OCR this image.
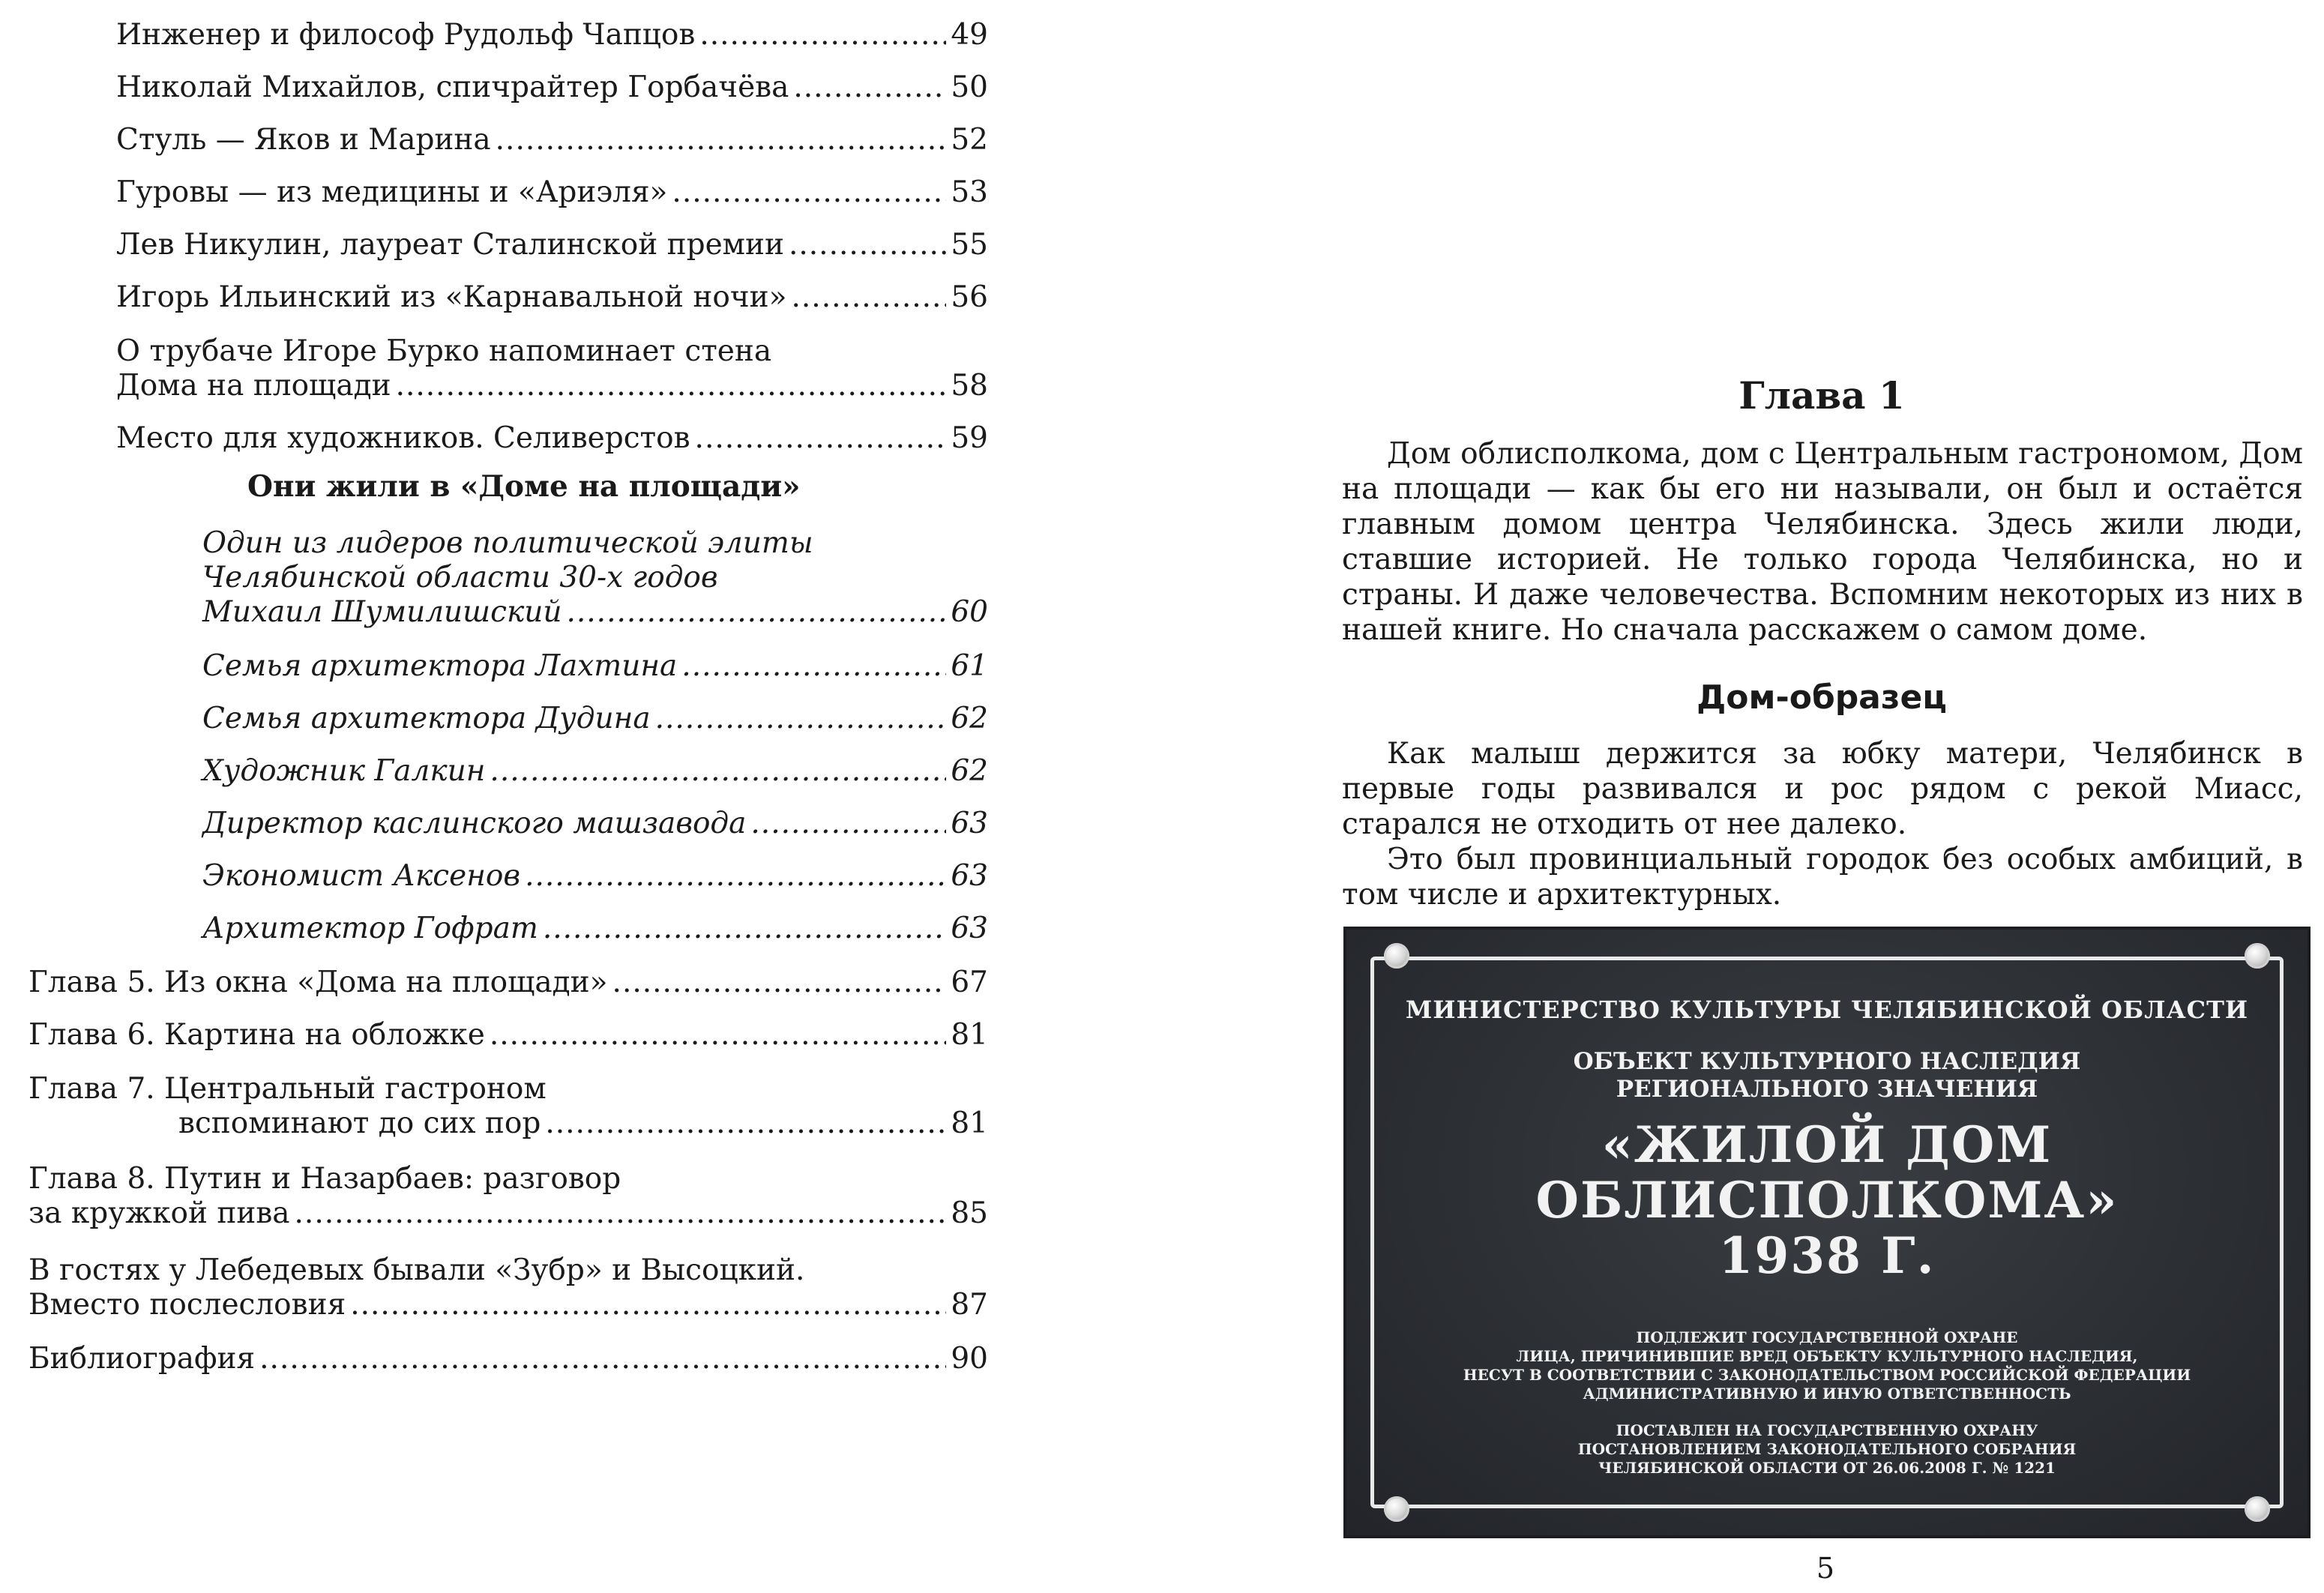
Инженер и философ Рудольф Чапцов .....	49
Николай Михайлов, спичрайтер Горбачёва .....	50
Стуль — Яков и Марина .....	52
Гуровы — из медицины и «Ариэля» .....	53
Лев Никулин, лауреат Сталинской премии .....	55
Игорь Ильинский из «Карнавальной ночи» .....	56
О трубаче Игоре Бурко напоминает стена
Дома на площади .....	58
Место для художников. Селиверстов .....	59
Они жили в «Доме на площади»
Один из лидеров политической элиты
Челябинской области 30-х годов
Михаил Шумилишский .....	60
Семья архитектора Лахтина .....	61
Семья архитектора Дудина .....	62
Художник Галкин .....	62
Директор каслинского машзавода .....	63
Экономист Аксенов .....	63
Архитектор Гофрат .....	63
Глава 5. Из окна «Дома на площади» .....	67
Глава 6. Картина на обложке .....	81
Глава 7. Центральный гастроном
вспоминают до сих пор .....	81
Глава 8. Путин и Назарбаев: разговор
за кружкой пива .....	85
В гостях у Лебедевых бывали «Зубр» и Высоцкий.
Вместо послесловия .....	87
Библиография .....	90
Глава 1
Дом облисполкома, дом с Центральным гастрономом, Дом на площади — как бы его ни называли, он был и остаётся главным домом центра Челябинска. Здесь жили люди, ставшие историей. Не только города Челябинска, но и страны. И даже человечества. Вспомним некоторых из них в нашей книге. Но сначала расскажем о самом доме.
Дом-образец
Как малыш держится за юбку матери, Челябинск в первые годы развивался и рос рядом с рекой Миасс, старался не отходить от нее далеко.
Это был провинциальный городок без особых амбиций, в том числе и архитектурных.
МИНИСТЕРСТВО КУЛЬТУРЫ ЧЕЛЯБИНСКОЙ ОБЛАСТИ
ОБЪЕКТ КУЛЬТУРНОГО НАСЛЕДИЯ
РЕГИОНАЛЬНОГО ЗНАЧЕНИЯ
«ЖИЛОЙ ДОМ
ОБЛИСПОЛКОМА»
1938 Г.
ПОДЛЕЖИТ ГОСУДАРСТВЕННОЙ ОХРАНЕ
ЛИЦА, ПРИЧИНИВШИЕ ВРЕД ОБЪЕКТУ КУЛЬТУРНОГО НАСЛЕДИЯ,
НЕСУТ В СООТВЕТСТВИИ С ЗАКОНОДАТЕЛЬСТВОМ РОССИЙСКОЙ ФЕДЕРАЦИИ
АДМИНИСТРАТИВНУЮ И ИНУЮ ОТВЕТСТВЕННОСТЬ
ПОСТАВЛЕН НА ГОСУДАРСТВЕННУЮ ОХРАНУ
ПОСТАНОВЛЕНИЕМ ЗАКОНОДАТЕЛЬНОГО СОБРАНИЯ
ЧЕЛЯБИНСКОЙ ОБЛАСТИ ОТ 26.06.2008 Г. № 1221
5
